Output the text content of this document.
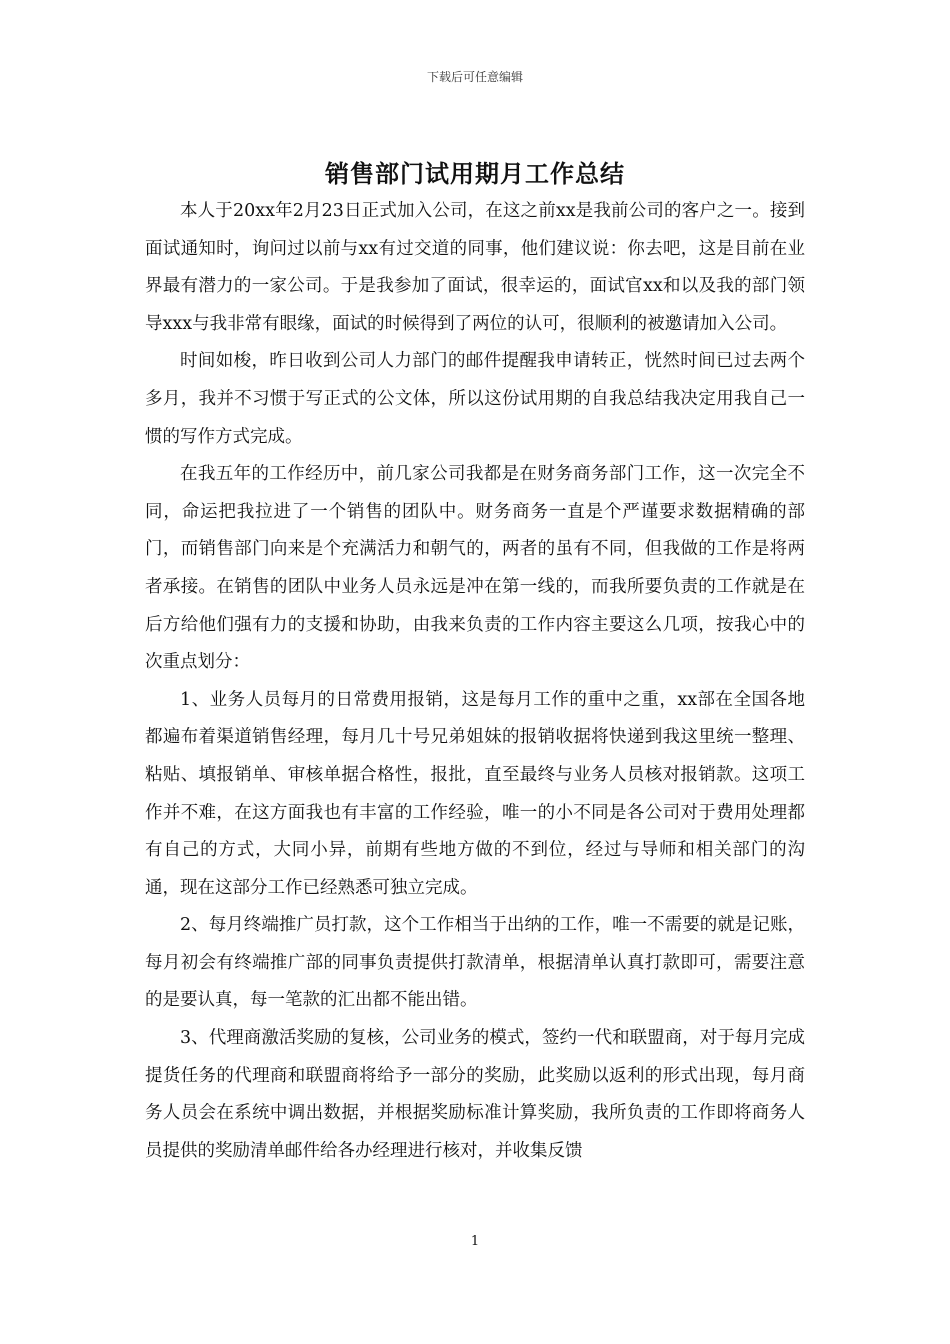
下载后可任意编辑
销售部门试用期月工作总结

本人于20xx年2月23日正式加入公司，在这之前xx是我前公司的客户之一。接到面试通知时，询问过以前与xx有过交道的同事，他们建议说：你去吧，这是目前在业界最有潜力的一家公司。于是我参加了面试，很幸运的，面试官xx和以及我的部门领导xxx与我非常有眼缘，面试的时候得到了两位的认可，很顺利的被邀请加入公司。

时间如梭，昨日收到公司人力部门的邮件提醒我申请转正，恍然时间已过去两个多月，我并不习惯于写正式的公文体，所以这份试用期的自我总结我决定用我自己一惯的写作方式完成。

在我五年的工作经历中，前几家公司我都是在财务商务部门工作，这一次完全不同，命运把我拉进了一个销售的团队中。财务商务一直是个严谨要求数据精确的部门，而销售部门向来是个充满活力和朝气的，两者的虽有不同，但我做的工作是将两者承接。在销售的团队中业务人员永远是冲在第一线的，而我所要负责的工作就是在后方给他们强有力的支援和协助，由我来负责的工作内容主要这么几项，按我心中的次重点划分：

1、业务人员每月的日常费用报销，这是每月工作的重中之重，xx部在全国各地都遍布着渠道销售经理，每月几十号兄弟姐妹的报销收据将快递到我这里统一整理、粘贴、填报销单、审核单据合格性，报批，直至最终与业务人员核对报销款。这项工作并不难，在这方面我也有丰富的工作经验，唯一的小不同是各公司对于费用处理都有自己的方式，大同小异，前期有些地方做的不到位，经过与导师和相关部门的沟通，现在这部分工作已经熟悉可独立完成。

2、每月终端推广员打款，这个工作相当于出纳的工作，唯一不需要的就是记账，每月初会有终端推广部的同事负责提供打款清单，根据清单认真打款即可，需要注意的是要认真，每一笔款的汇出都不能出错。

3、代理商激活奖励的复核，公司业务的模式，签约一代和联盟商，对于每月完成提货任务的代理商和联盟商将给予一部分的奖励，此奖励以返利的形式出现，每月商务人员会在系统中调出数据，并根据奖励标准计算奖励，我所负责的工作即将商务人员提供的奖励清单邮件给各办经理进行核对，并收集反馈

1
